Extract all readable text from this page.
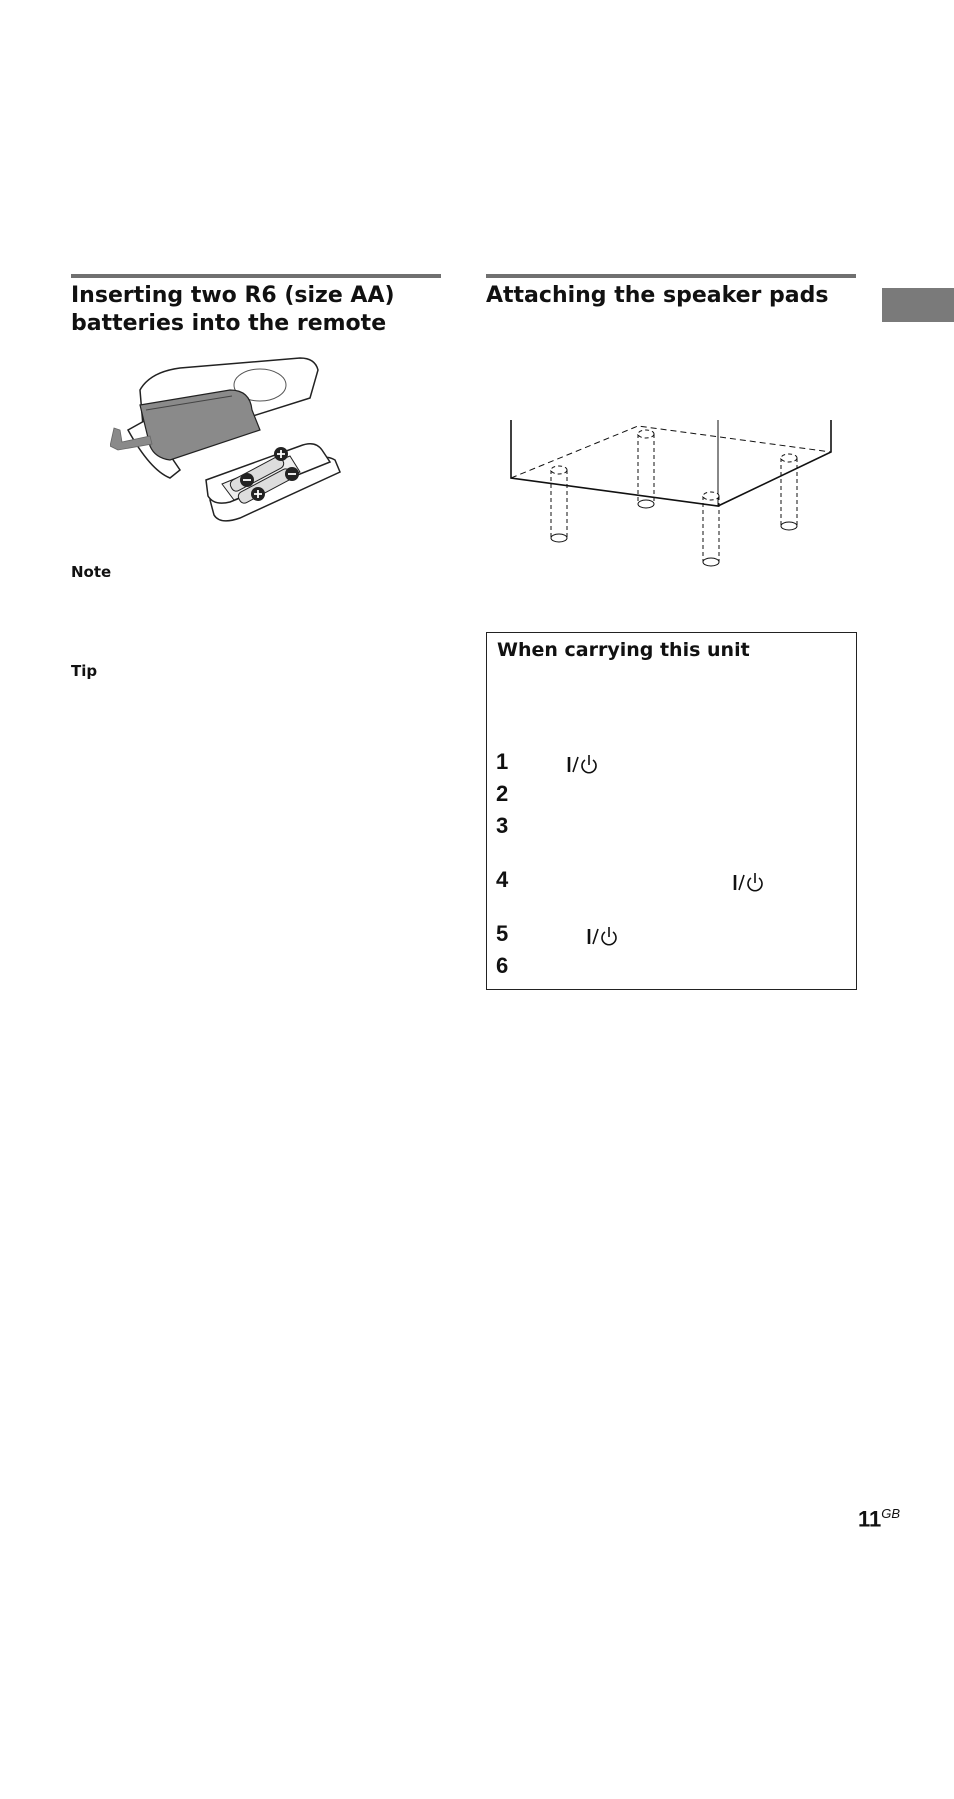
Inserting two R6 (size AA)
batteries into the remote
Note
Tip
Attaching the speaker pads
When carrying this unit
1
2
3
4
5
6
$11^{GB}$
